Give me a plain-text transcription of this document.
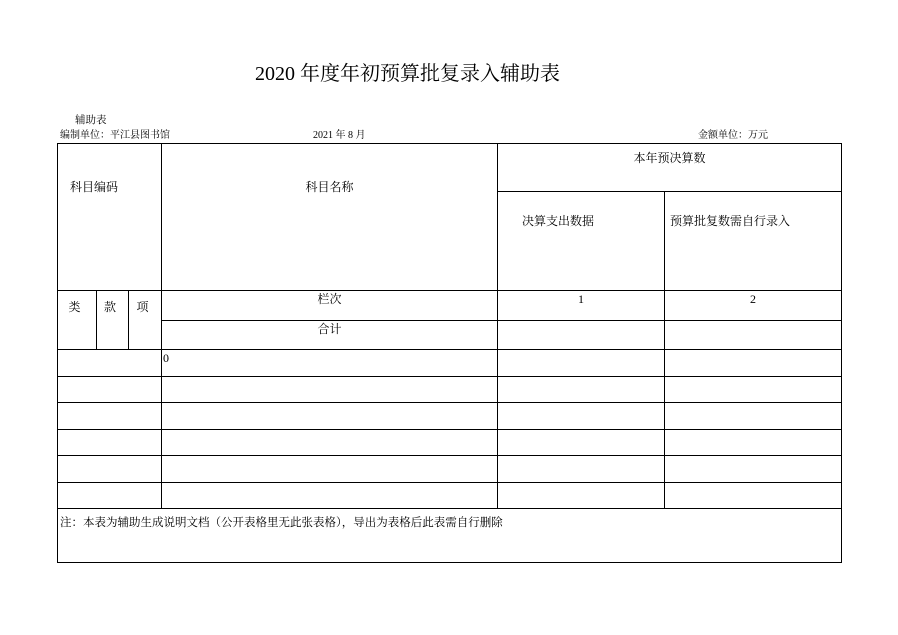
2020 年度年初预算批复录入辅助表
辅助表
编制单位：平江县图书馆	2021 年 8 月	金额单位：万元
科目编码			科目名称	本年预决算数	
				决算支出数据	预算批复数需自行录入
类	款	项	栏次	1	2
			合计		
			0		

注：本表为辅助生成说明文档（公开表格里无此张表格），导出为表格后此表需自行删除					
